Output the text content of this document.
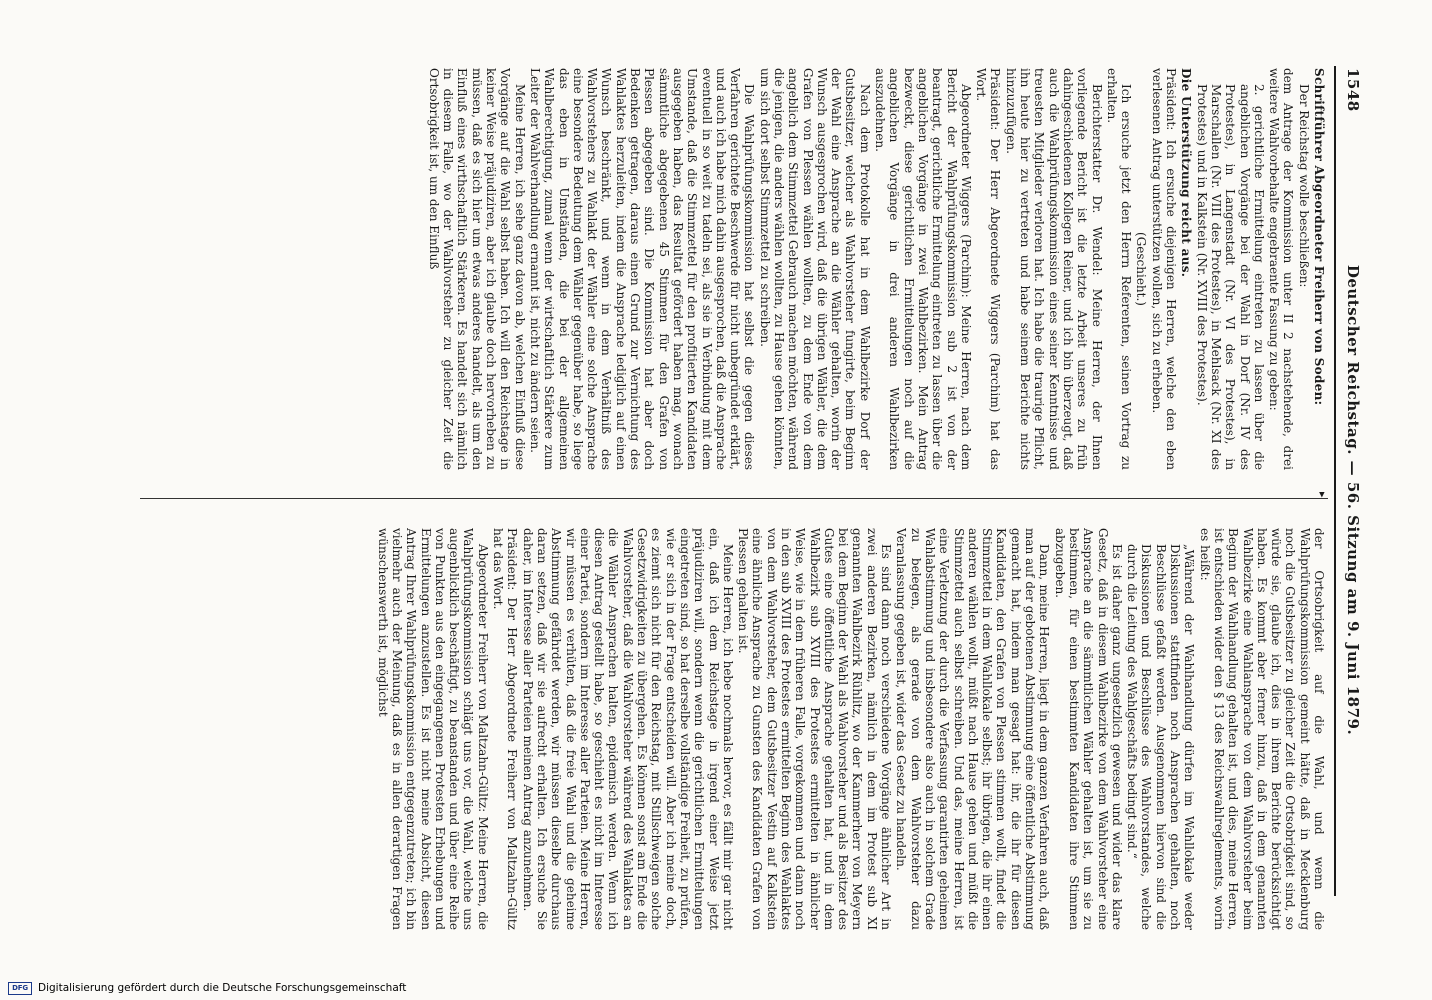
1548
Deutscher Reichstag. — 56. Sitzung am 9. Juni 1879.

Schriftführer Abgeordneter Freiherr von Soden:

Der Reichstag wolle beschließen:

dem Antrage der Kommission unter II 2 nachstehende, drei weitere Wahlvorbehalte engebraente Fassung zu geben:

2. gerichtliche Ermittelung eintreten zu lassen über die angeblichen Vorgänge bei der Wahl in Dorf (Nr. IV des Protestes), in Langenstadt (Nr. VI des Protestes), in Marschallen (Nr. VIII des Protestes), in Mehlsack (Nr. XI des Protestes) und in Kalkstein (Nr. XVIII des Protestes).

Die Unterstützung reicht aus.

Präsident: Ich ersuche diejenigen Herren, welche den eben verlesenen Antrag unterstützen wollen, sich zu erheben.

(Geschieht.)

Ich ersuche jetzt den Herrn Referenten, seinen Vortrag zu erhalten.

Berichterstatter Dr. Wendel: Meine Herren, der Ihnen vorliegende Bericht ist die letzte Arbeit unseres zu früh dahingeschiedenen Kollegen Reiner, und ich bin überzeugt, daß auch die Wahlprüfungskommission eines seiner Kenntnisse und treuesten Mitglieder verloren hat. Ich habe die traurige Pflicht, ihn heute hier zu vertreten und habe seinem Berichte nichts hinzuzufügen.

Präsident: Der Herr Abgeordnete Wiggers (Parchim) hat das Wort.

Abgeordneter Wiggers (Parchim): Meine Herren, nach dem Bericht der Wahlprüfungskommission sub 2 ist von der beantragt, gerichtliche Ermittelung eintreten zu lassen über die angeblichen Vorgänge in zwei Wahlbezirken. Mein Antrag bezweckt, diese gerichtlichen Ermittelungen noch auf die angeblichen Vorgänge in drei anderen Wahlbezirken auszudehnen.

Nach dem Protokolle hat in dem Wahlbezirke Dorf der Gutsbesitzer, welcher als Wahlvorsteher fungirte, beim Beginn der Wahl eine Ansprache an die Wähler gehalten, worin der Wunsch ausgesprochen wird, daß die übrigen Wähler, die dem Grafen von Plessen wählen wollten, zu dem Ende von dem angeblich dem Stimmzettel Gebrauch machen möchten, während die jenigen, die anders wählen wollten, zu Hause gehen könnten, um sich dort selbst Stimmzettel zu schreiben.

Die Wahlprüfungskommission hat selbst die gegen dieses Verfahren gerichtete Beschwerde für nicht unbegründet erklärt, und auch ich habe mich dahin ausgesprochen, daß die Ansprache eventuell in so weit zu tadeln sei, als sie in Verbindung mit dem Umstande, daß die Stimmzettel für den profitierten Kandidaten ausgegeben haben, das Resultat gefördert haben mag, wonach sämmtliche abgegebenen 45 Stimmen für den Grafen von Plessen abgegeben sind. Die Kommission hat aber doch Bedenken getragen, daraus einen Grund zur Vernichtung des Wahlaktes herzuleiten, indem die Ansprache lediglich auf einen Wunsch beschränkt, und wenn in dem Verhältniß des Wahlvorstehers zu Wahlakt der Wähler eine solche Ansprache eine besondere Bedeutung dem Wähler gegenüber habe, so liege das eben in Umständen, die bei der allgemeinen Wahlberechtigung, zumal wenn der wirtschaftlich Stärkere zum Leiter der Wahlverhandlung ernannt ist, nicht zu ändern seien.

Meine Herren, ich sehe ganz davon ab, welchen Einfluß diese Vorgänge auf die Wahl selbst haben. Ich will den Reichstage in keiner Weise präjudiziren, aber ich glaube doch hervorheben zu müssen, daß es sich hier um etwas anderes handelt, als um den Einfluß eines wirthschaftlich Stärkeren. Es handelt sich nämlich in diesem Falle, wo der Wahlvorsteher zu gleicher Zeit die Ortsobrigkeit ist, um den Einfluß

▸

der Ortsobrigkeit auf die Wahl, und wenn die Wahlprüfungskommission gemeint hätte, daß in Mecklenburg noch die Gutsbesitzer zu gleicher Zeit die Ortsobrigkeit sind, so würde sie, glaube ich, dies in ihrem Berichte berücksichtigt haben. Es kommt aber ferner hinzu, daß in dem genannten Wahlbezirke eine Wahlansprache von dem Wahlvorsteher beim Beginn der Wahlhandlung gehalten ist, und dies, meine Herren, ist entschieden wider den § 13 des Reichswahlreglements, worin es heißt:

„Während der Wahlhandlung dürfen im Wahllokale weder Diskussionen stattfinden noch Ansprachen gehalten, noch Beschlüsse gefaßt werden. Ausgenommen hiervon sind die Diskussionen und Beschlüsse des Wahlvorstandes, welche durch die Leitung des Wahlgeschäfts bedingt sind.“

Es ist daher ganz ungesetzlich gewesen und wider das klare Gesetz, daß in diesem Wahlbezirke von dem Wahlvorsteher eine Ansprache an die sämmtlichen Wähler gehalten ist, um sie zu bestimmen, für einen bestimmten Kandidaten ihre Stimmen abzugeben.

Dann, meine Herren, liegt in dem ganzen Verfahren auch, daß man auf der gebotenen Abstimmung eine öffentliche Abstimmung gemacht hat, indem man gesagt hat: ihr, die ihr für diesen Kandidaten, den Grafen von Plessen stimmen wollt, findet die Stimmzettel in dem Wahllokale selbst; ihr übrigen, die ihr einen anderen wählen wollt, müßt nach Hause gehen und müßt die Stimmzettel auch selbst schreiben. Und das, meine Herren, ist eine Verletzung der durch die Verfassung garantirten geheimen Wahlabstimmung und insbesondere also auch in solchem Grade zu belegen, als gerade von dem Wahlvorsteher dazu Veranlassung gegeben ist, wider das Gesetz zu handeln.

Es sind dann noch verschiedene Vorgänge ähnlicher Art in zwei anderen Bezirken, nämlich in dem im Protest sub XI genannten Wahlbezirk Rühlitz, wo der Kammerherr von Meyern bei dem Beginn der Wahl als Wahlvorsteher und als Besitzer des Gutes eine öffentliche Ansprache gehalten hat, und in dem Wahlbezirk sub XVIII des Protestes ermittelten in ähnlicher Weise, wie in dem früheren Falle, vorgekommen und dann noch in den sub XVIII des Protestes ermittelten Beginn des Wahlaktes von dem Wahlvorsteher, dem Gutsbesitzer Vestin auf Kalkstein eine ähnliche Ansprache zu Gunsten des Kandidaten Grafen von Plessen gehalten ist.

Meine Herren, ich hebe nochmals hervor, es fällt mir gar nicht ein, daß ich dem Reichstage in irgend einer Weise jetzt präjudiziren will, sondern wenn die gerichtlichen Ermittelungen eingetreten sind, so hat derselbe vollständige Freiheit, zu prüfen, wie er sich in der Frage entscheiden will. Aber ich meine doch, es ziemt sich nicht für den Reichstag, mit Stillschweigen solche Gesetzwidrigkeiten zu übergehen. Es können sonst am Ende die Wahlvorsteher, daß die Wahlvorsteher während des Wahlaktes an die Wähler Ansprachen halten, epidemisch werden. Wenn ich diesen Antrag gestellt habe, so geschieht es nicht im Interesse einer Partei, sondern im Interesse aller Parteien. Meine Herren, wir müssen es verhüten, daß die freie Wahl und die geheime Abstimmung gefährdet werden, wir müssen dieselbe durchaus daran setzen, daß wir sie aufrecht erhalten. Ich ersuche Sie daher, im Interesse aller Parteien meinen Antrag anzunehmen.

Präsident: Der Herr Abgeordnete Freiherr von Maltzahn-Gültz hat das Wort.

Abgeordneter Freiherr von Maltzahn-Gültz: Meine Herren, die Wahlprüfungskommission schlägt uns vor, die Wahl, welche uns augenblicklich beschäftigt, zu beanstanden und über eine Reihe von Punkten aus den eingegangenen Protesten Erhebungen und Ermittelungen anzustellen. Es ist nicht meine Absicht, diesen Antrag Ihrer Wahlprüfungskommission entgegenzutreten; ich bin vielmehr auch der Meinung, daß es in allen derartigen Fragen wünschenswerth ist, möglichst

DFG Digitalisierung gefördert durch die Deutsche Forschungsgemeinschaft
